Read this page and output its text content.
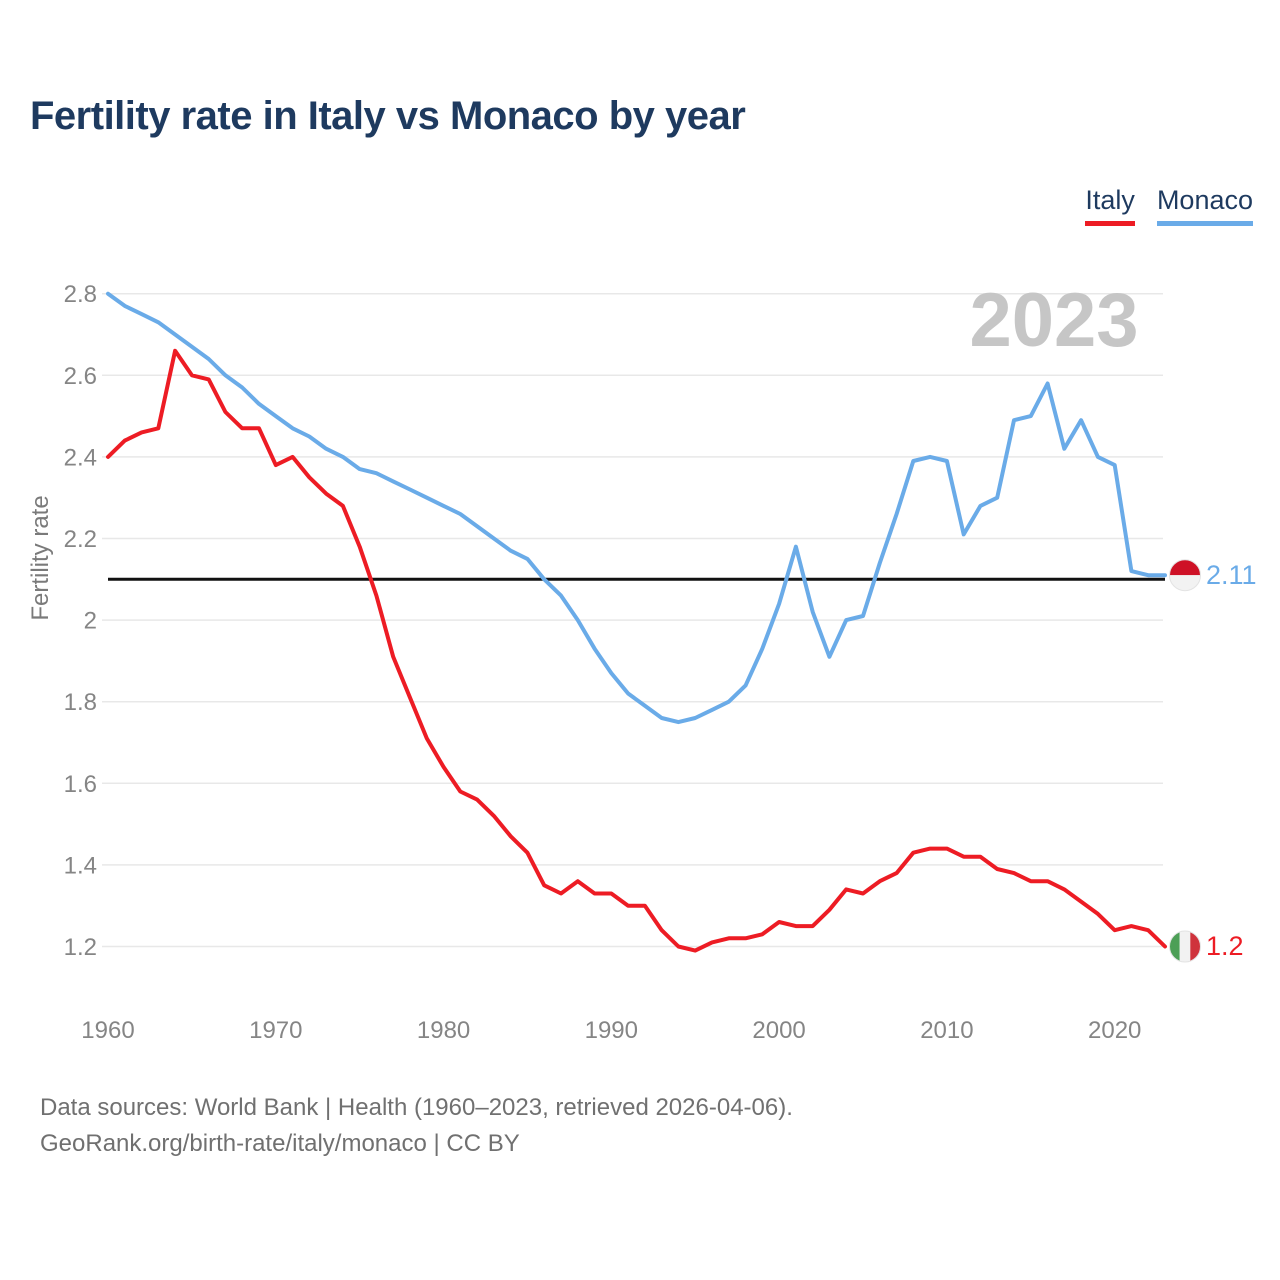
Fertility rate in Italy vs Monaco by year
Italy Monaco
2023
2.8
2.6
2.4
2.2
2
1.8
1.6
1.4
1.2
1960	1970	1980	1990	2000	2010	2020
Fertility rate	2.11
1.2
Data sources: World Bank | Health (1960–2023, retrieved 2026-04-06).
GeoRank.org/birth-rate/italy/monaco | CC BY
